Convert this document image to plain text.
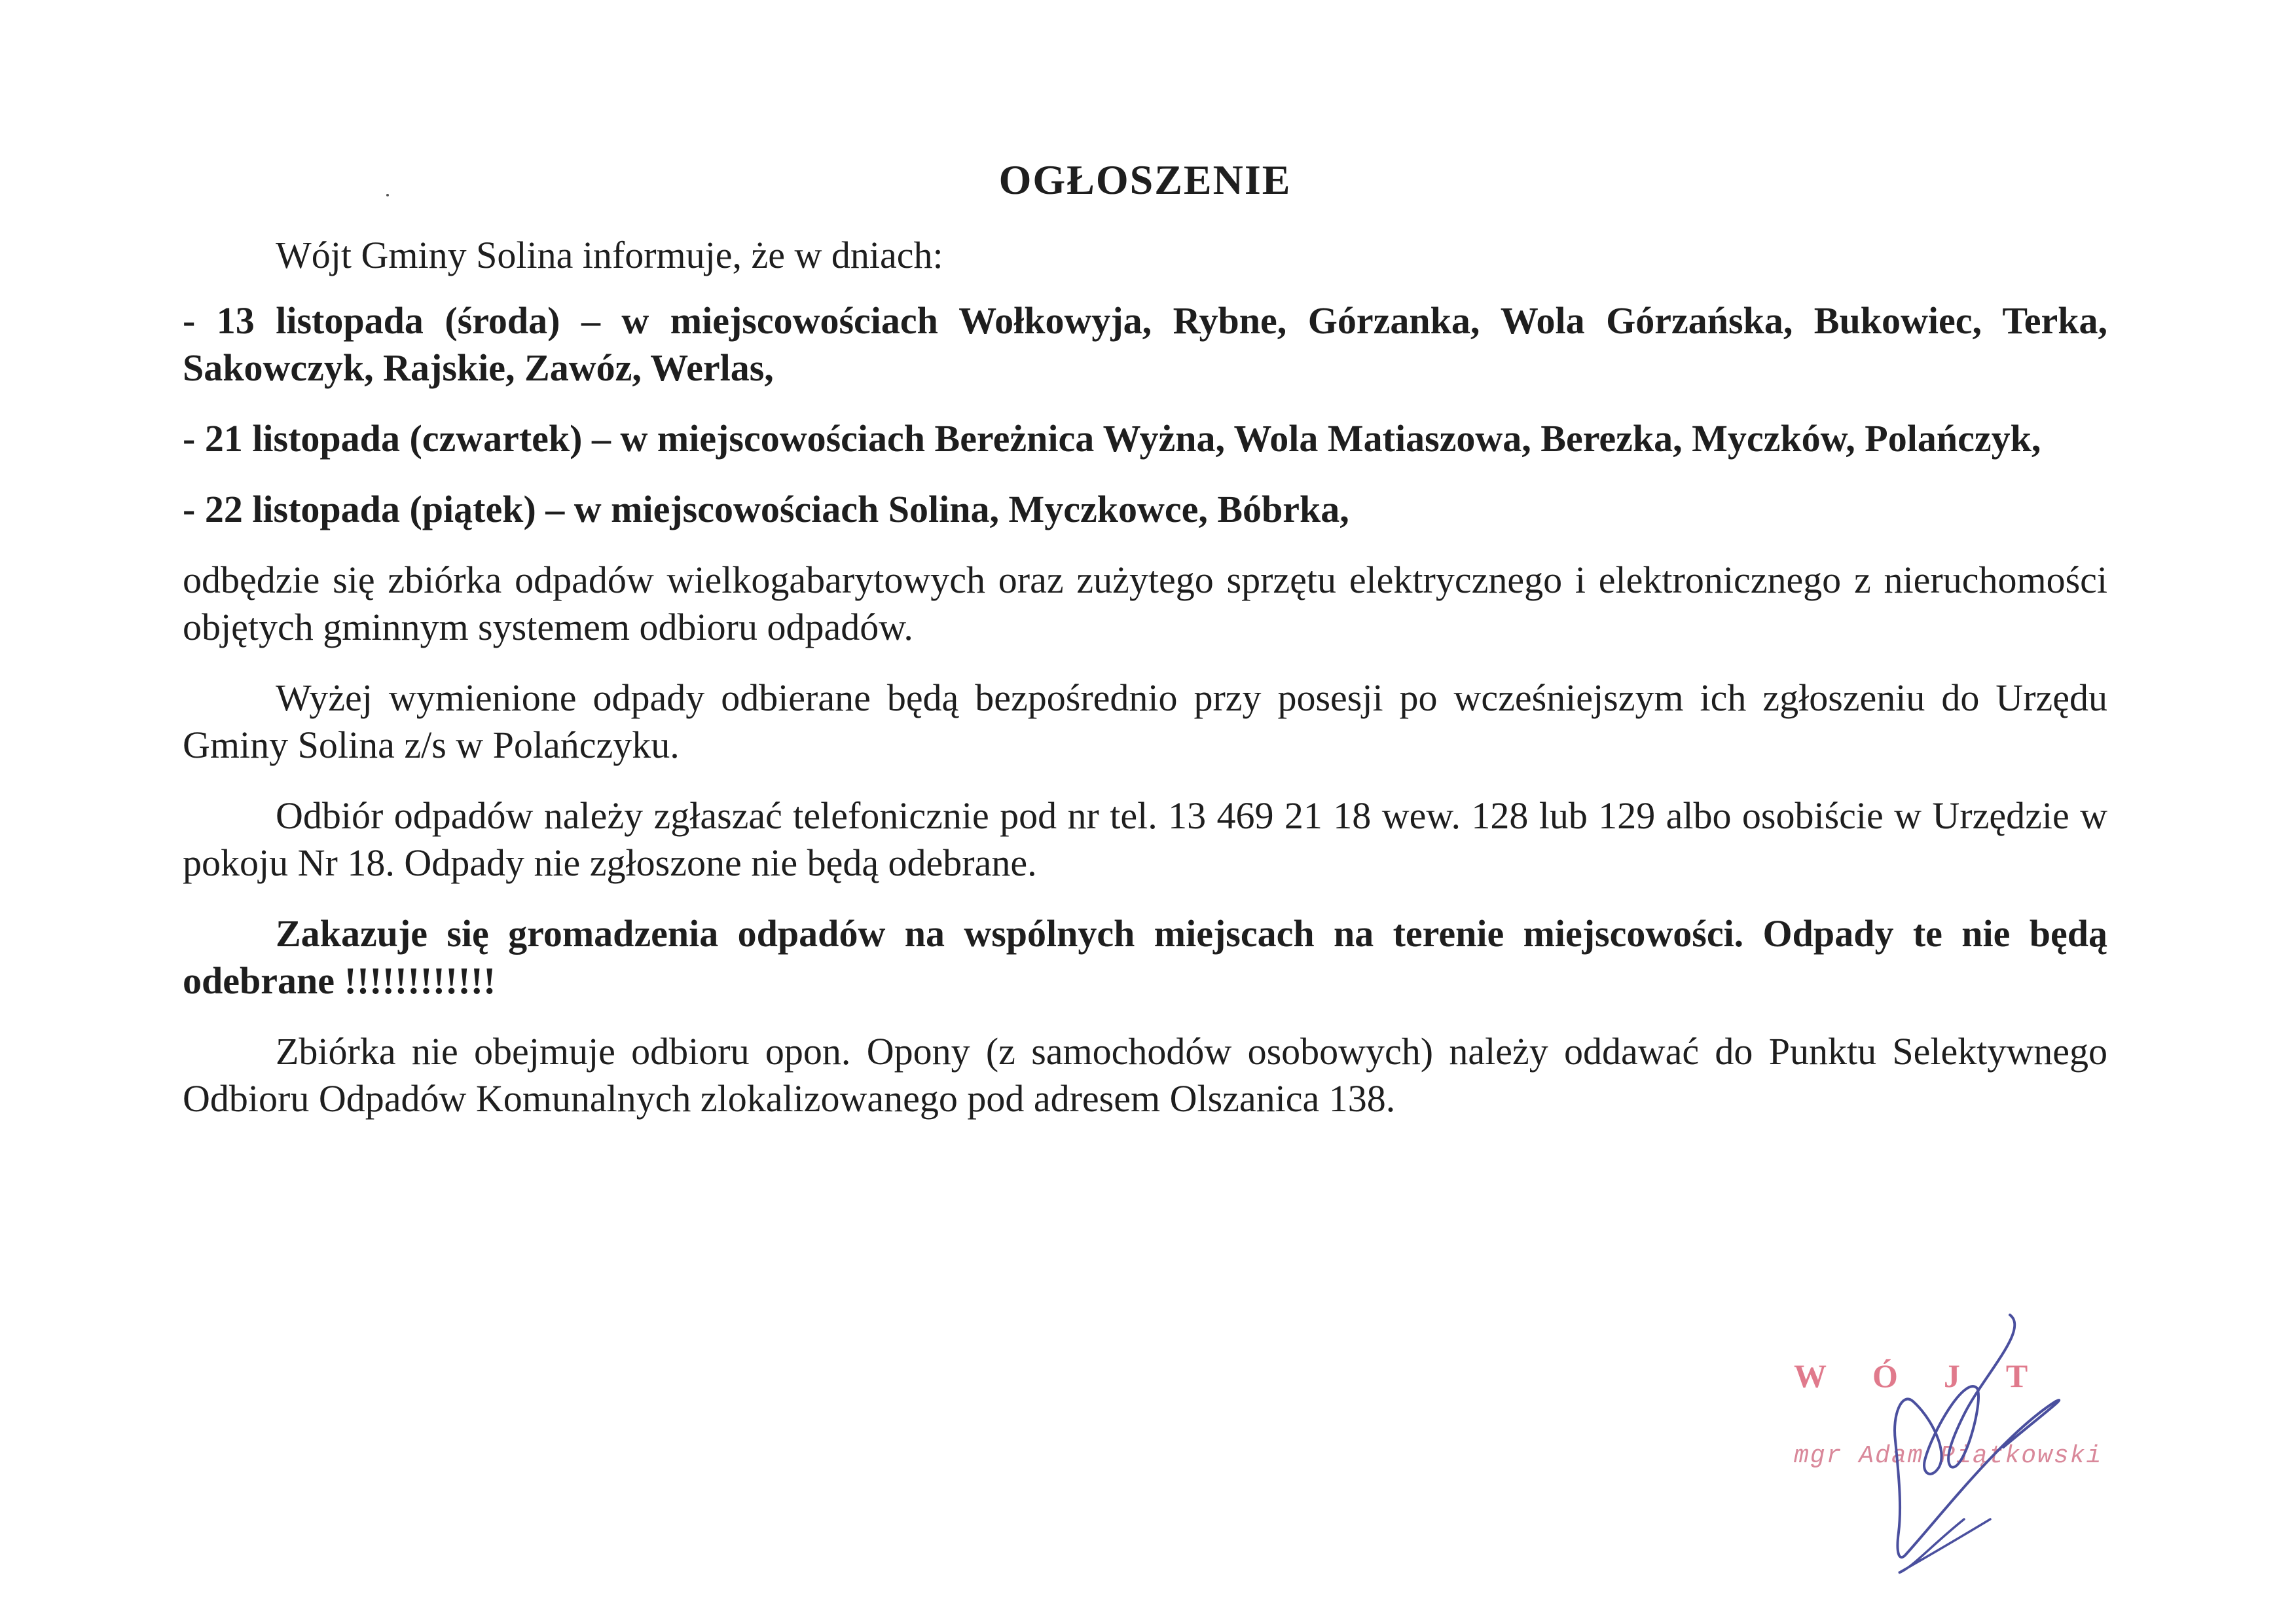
OGŁOSZENIE

Wójt Gminy Solina informuje, że w dniach:

- 13 listopada (środa) – w miejscowościach Wołkowyja, Rybne, Górzanka, Wola Górzańska, Bukowiec, Terka, Sakowczyk, Rajskie, Zawóz, Werlas,

- 21 listopada (czwartek) – w miejscowościach Bereżnica Wyżna, Wola Matiaszowa, Berezka, Myczków, Polańczyk,

- 22 listopada (piątek) – w miejscowościach Solina, Myczkowce, Bóbrka,

odbędzie się zbiórka odpadów wielkogabarytowych oraz zużytego sprzętu elektrycznego i elektronicznego z nieruchomości objętych gminnym systemem odbioru odpadów.

Wyżej wymienione odpady odbierane będą bezpośrednio przy posesji po wcześniejszym ich zgłoszeniu do Urzędu Gminy Solina z/s w Polańczyku.

Odbiór odpadów należy zgłaszać telefonicznie pod nr tel. 13 469 21 18 wew. 128 lub 129 albo osobiście w Urzędzie w pokoju Nr 18. Odpady nie zgłoszone nie będą odebrane.

Zakazuje się gromadzenia odpadów na wspólnych miejscach na terenie miejscowości. Odpady te nie będą odebrane !!!!!!!!!!!!

Zbiórka nie obejmuje odbioru opon. Opony (z samochodów osobowych) należy oddawać do Punktu Selektywnego Odbioru Odpadów Komunalnych zlokalizowanego pod adresem Olszanica 138.

WÓJT
mgr Adam Piątkowski
